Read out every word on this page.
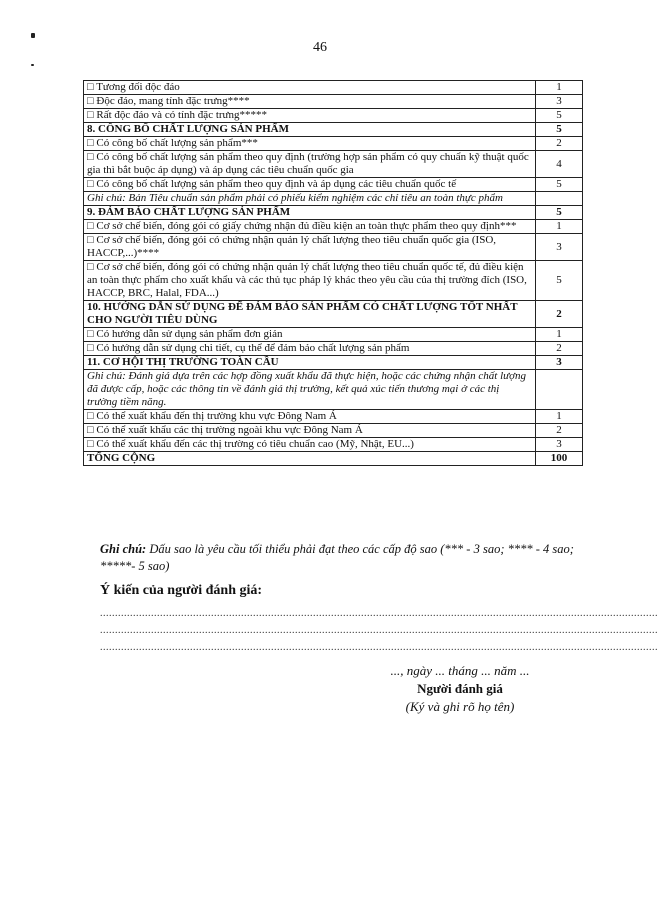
46
□ Tương đối độc đáo	1
□ Độc đáo, mang tính đặc trưng****	3
□ Rất độc đáo và có tính đặc trưng*****	5
8. CÔNG BỐ CHẤT LƯỢNG SẢN PHẨM	5
□ Có công bố chất lượng sản phẩm***	2
□ Có công bố chất lượng sản phẩm theo quy định (trường hợp sản phẩm có quy chuẩn kỹ thuật quốc gia thì bắt buộc áp dụng) và áp dụng các tiêu chuẩn quốc gia	4
□ Có công bố chất lượng sản phẩm theo quy định và áp dụng các tiêu chuẩn quốc tế	5
Ghi chú: Bản Tiêu chuẩn sản phẩm phải có phiếu kiểm nghiệm các chỉ tiêu an toàn thực phẩm	
9. ĐẢM BẢO CHẤT LƯỢNG SẢN PHẨM	5
□ Cơ sở chế biến, đóng gói có giấy chứng nhận đủ điều kiện an toàn thực phẩm theo quy định***	1
□ Cơ sở chế biến, đóng gói có chứng nhận quản lý chất lượng theo tiêu chuẩn quốc gia (ISO, HACCP,...)****	3
□ Cơ sở chế biến, đóng gói có chứng nhận quản lý chất lượng theo tiêu chuẩn quốc tế, đủ điều kiện an toàn thực phẩm cho xuất khẩu và các thủ tục pháp lý khác theo yêu cầu của thị trường đích (ISO, HACCP, BRC, Halal, FDA...)	5
10. HƯỚNG DẪN SỬ DỤNG ĐỂ ĐẢM BẢO SẢN PHẨM CÓ CHẤT LƯỢNG TỐT NHẤT CHO NGƯỜI TIÊU DÙNG	2
□ Có hướng dẫn sử dụng sản phẩm đơn giản	1
□ Có hướng dẫn sử dụng chi tiết, cụ thể để đảm bảo chất lượng sản phẩm	2
11. CƠ HỘI THỊ TRƯỜNG TOÀN CẦU	3
Ghi chú: Đánh giá dựa trên các hợp đồng xuất khẩu đã thực hiện, hoặc các chứng nhận chất lượng đã được cấp, hoặc các thông tin về đánh giá thị trường, kết quả xúc tiến thương mại ở các thị trường tiềm năng.	
□ Có thể xuất khẩu đến thị trường khu vực Đông Nam Á	1
□ Có thể xuất khẩu các thị trường ngoài khu vực Đông Nam Á	2
□ Có thể xuất khẩu đến các thị trường có tiêu chuẩn cao (Mỹ, Nhật, EU...)	3
TỔNG CỘNG	100
Ghi chú: Dấu sao là yêu cầu tối thiểu phải đạt theo các cấp độ sao (*** - 3 sao; **** - 4 sao; *****- 5 sao)
Ý kiến của người đánh giá:
..........................................................................................................................................................................................
..........................................................................................................................................................................................
..........................................................................................................................................................................................
..., ngày ... tháng ... năm ...
Người đánh giá
(Ký và ghi rõ họ tên)
